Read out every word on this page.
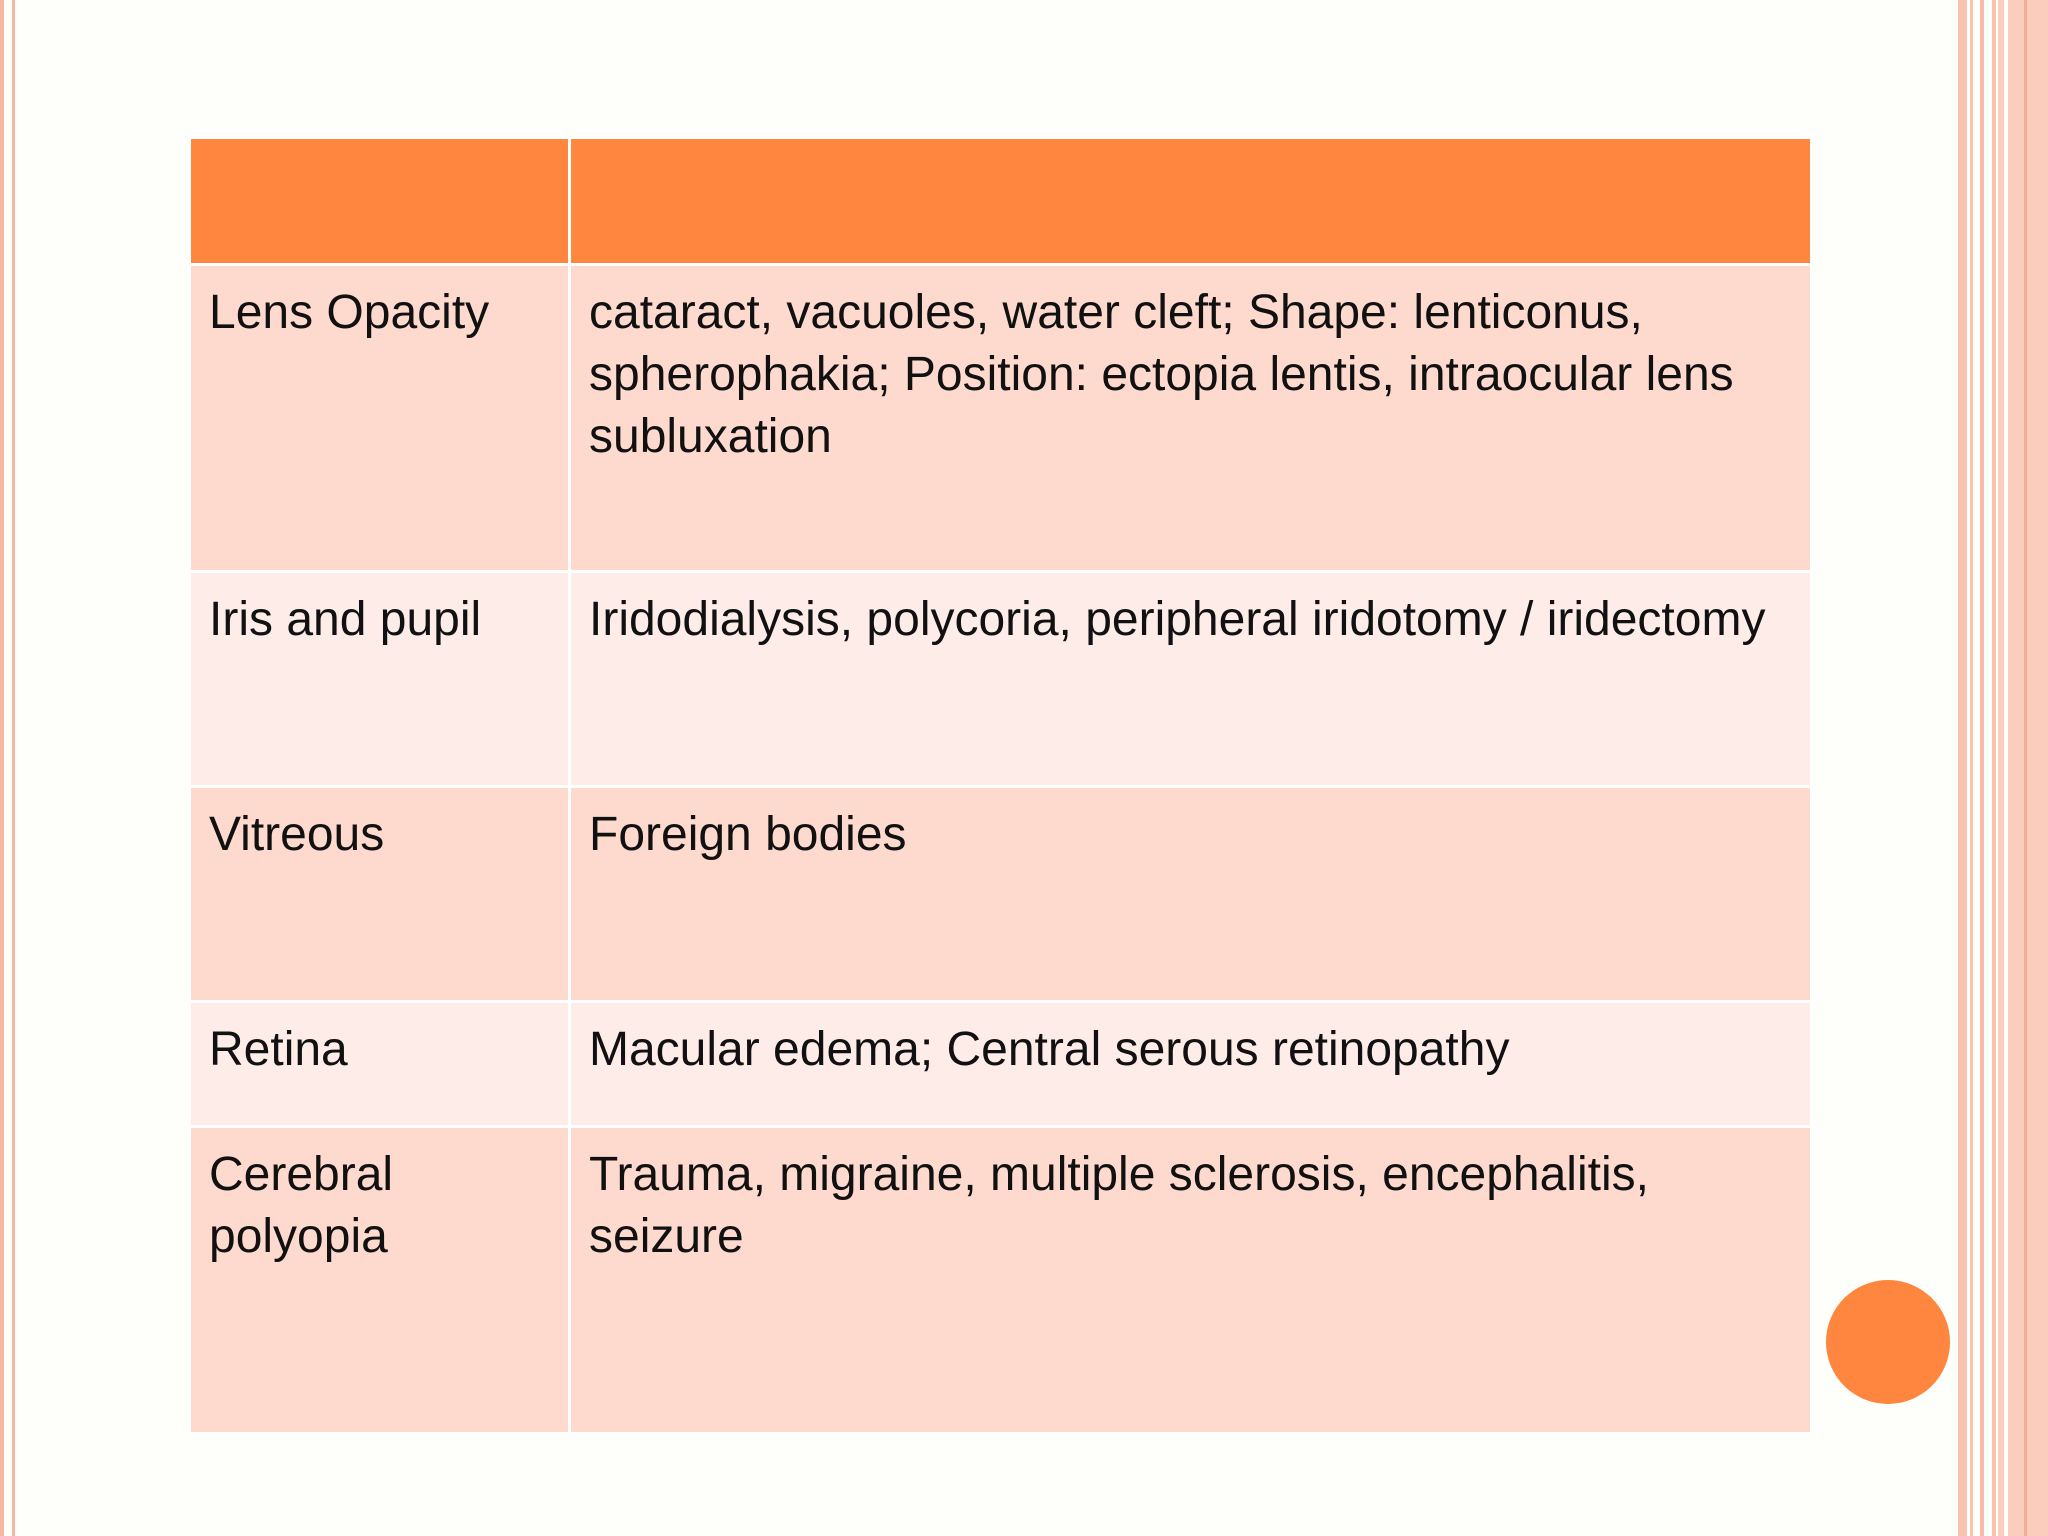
Lens Opacity	cataract, vacuoles, water cleft; Shape: lenticonus, spherophakia; Position: ectopia lentis, intraocular lens subluxation

Iris and pupil	Iridodialysis, polycoria, peripheral iridotomy / iridectomy

Vitreous	Foreign bodies

Retina	Macular edema; Central serous retinopathy

Cerebral polyopia	Trauma, migraine, multiple sclerosis, encephalitis, seizure
